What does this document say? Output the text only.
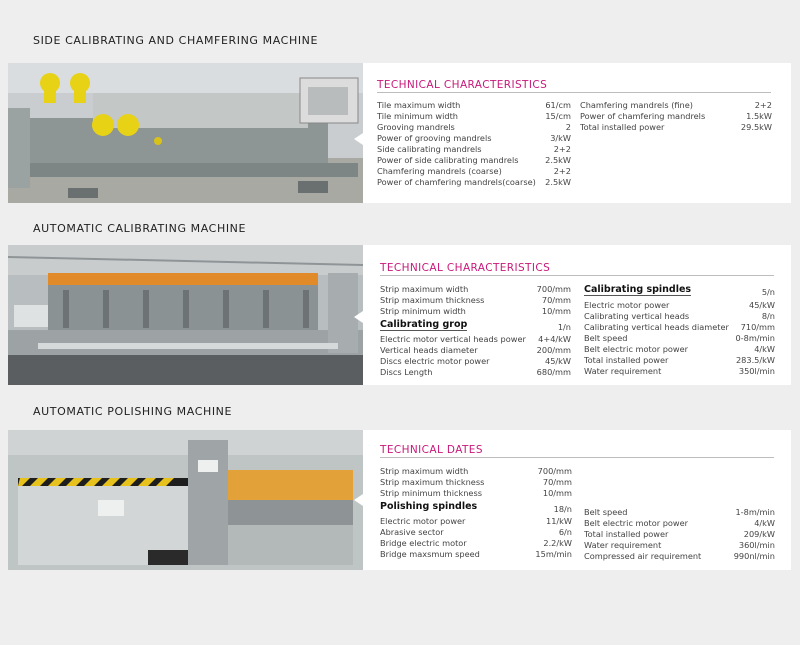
SIDE CALIBRATING AND CHAMFERING MACHINE
TECHNICAL CHARACTERISTICS
Tile maximum width	61/cm
Tile minimum width	15/cm
Grooving mandrels	2
Power of grooving mandrels	3/kW
Side calibrating mandrels	2+2
Power of side calibrating mandrels	2.5kW
Chamfering mandrels (coarse)	2+2
Power of chamfering mandrels(coarse) 2.5kW
Chamfering mandrels (fine)	2+2
Power of chamfering mandrels	1.5kW
Total installed power	29.5kW
AUTOMATIC CALIBRATING MACHINE
TECHNICAL CHARACTERISTICS
Strip maximum width	700/mm
Strip maximum thickness	70/mm
Strip minimum width	10/mm
Calibrating grop	1/n
Electric motor vertical heads power 4+4/kW
Vertical heads diameter	200/mm
Discs electric motor power	45/kW
Discs Length	680/mm
Calibrating spindles	5/n
Electric motor power	45/kW
Calibrating vertical heads	8/n
Calibrating vertical heads diameter 710/mm
Belt speed	0-8m/min
Belt electric motor power	4/kW
Total installed power	283.5/kW
Water requirement	350l/min
AUTOMATIC POLISHING MACHINE
TECHNICAL DATES
Strip maximum width	700/mm
Strip maximum thickness	70/mm
Strip minimum thickness	10/mm
Polishing spindles	18/n
Electric motor power	11/kW
Abrasive sector	6/n
Bridge electric motor	2.2/kW
Bridge maxsmum speed	15m/min
Belt speed	1-8m/min
Belt electric motor power	4/kW
Total installed power	209/kW
Water requirement	360l/min
Compressed air requirement	990nl/min
